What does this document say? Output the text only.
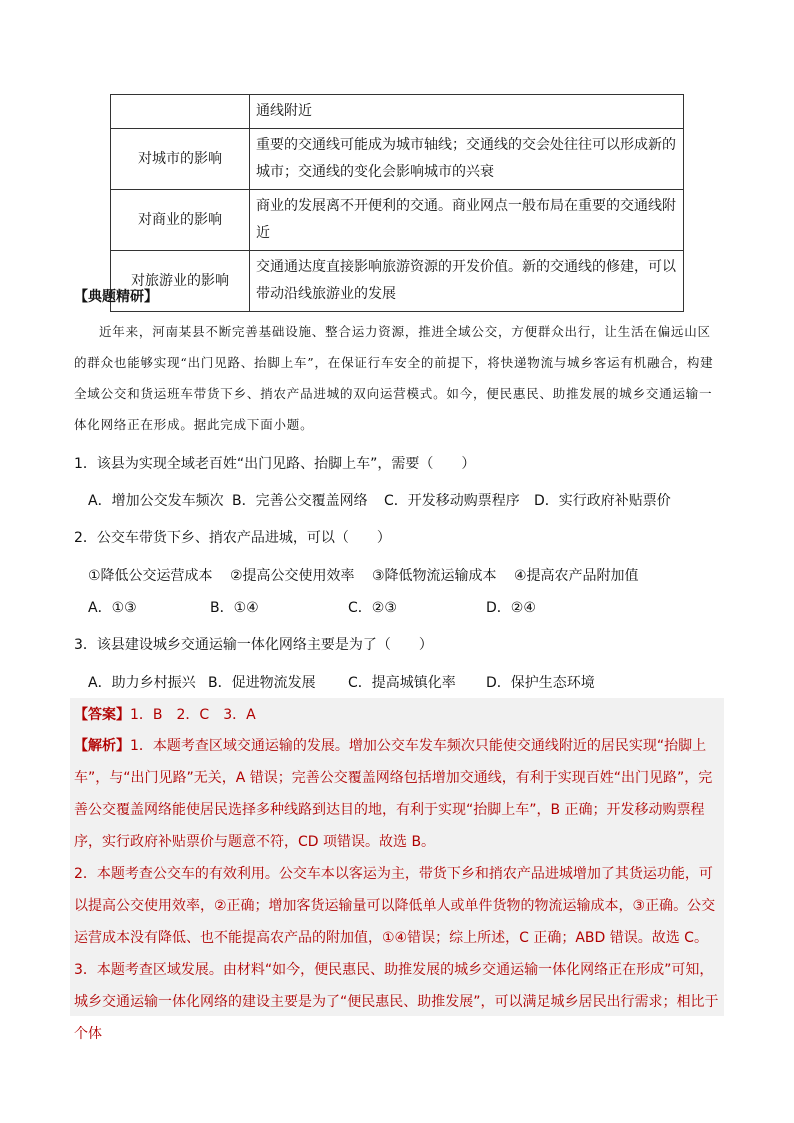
	通线附近
对城市的影响	重要的交通线可能成为城市轴线；交通线的交会处往往可以形成新的城市；交通线的变化会影响城市的兴衰
对商业的影响	商业的发展离不开便利的交通。商业网点一般布局在重要的交通线附近
对旅游业的影响	交通通达度直接影响旅游资源的开发价值。新的交通线的修建，可以带动沿线旅游业的发展
【典题精研】
近年来，河南某县不断完善基础设施、整合运力资源，推进全域公交，方便群众出行，让生活在偏远山区的群众也能够实现“出门见路、抬脚上车”，在保证行车安全的前提下，将快递物流与城乡客运有机融合，构建全域公交和货运班车带货下乡、捎农产品进城的双向运营模式。如今，便民惠民、助推发展的城乡交通运输一体化网络正在形成。据此完成下面小题。
1．该县为实现全域老百姓“出门见路、抬脚上车”，需要（　　）
A．增加公交发车频次 B．完善公交覆盖网络 C．开发移动购票程序 D．实行政府补贴票价
2．公交车带货下乡、捎农产品进城，可以（　　）
①降低公交运营成本 ②提高公交使用效率 ③降低物流运输成本 ④提高农产品附加值
A．①③	B．①④	C．②③	D．②④
3．该县建设城乡交通运输一体化网络主要是为了（　　）
A．助力乡村振兴 B．促进物流发展 C．提高城镇化率 D．保护生态环境
【答案】1．B　2．C　3．A
【解析】1．本题考查区域交通运输的发展。增加公交车发车频次只能使交通线附近的居民实现“抬脚上车”，与“出门见路”无关，A 错误；完善公交覆盖网络包括增加交通线，有利于实现百姓“出门见路”，完善公交覆盖网络能使居民选择多种线路到达目的地，有利于实现“抬脚上车”，B 正确；开发移动购票程序，实行政府补贴票价与题意不符，CD 项错误。故选 B。
2．本题考查公交车的有效利用。公交车本以客运为主，带货下乡和捎农产品进城增加了其货运功能，可以提高公交使用效率，②正确；增加客货运输量可以降低单人或单件货物的物流运输成本，③正确。公交运营成本没有降低、也不能提高农产品的附加值，①④错误；综上所述，C 正确；ABD 错误。故选 C。
3．本题考查区域发展。由材料“如今，便民惠民、助推发展的城乡交通运输一体化网络正在形成”可知，城乡交通运输一体化网络的建设主要是为了“便民惠民、助推发展”，可以满足城乡居民出行需求；相比于个体
